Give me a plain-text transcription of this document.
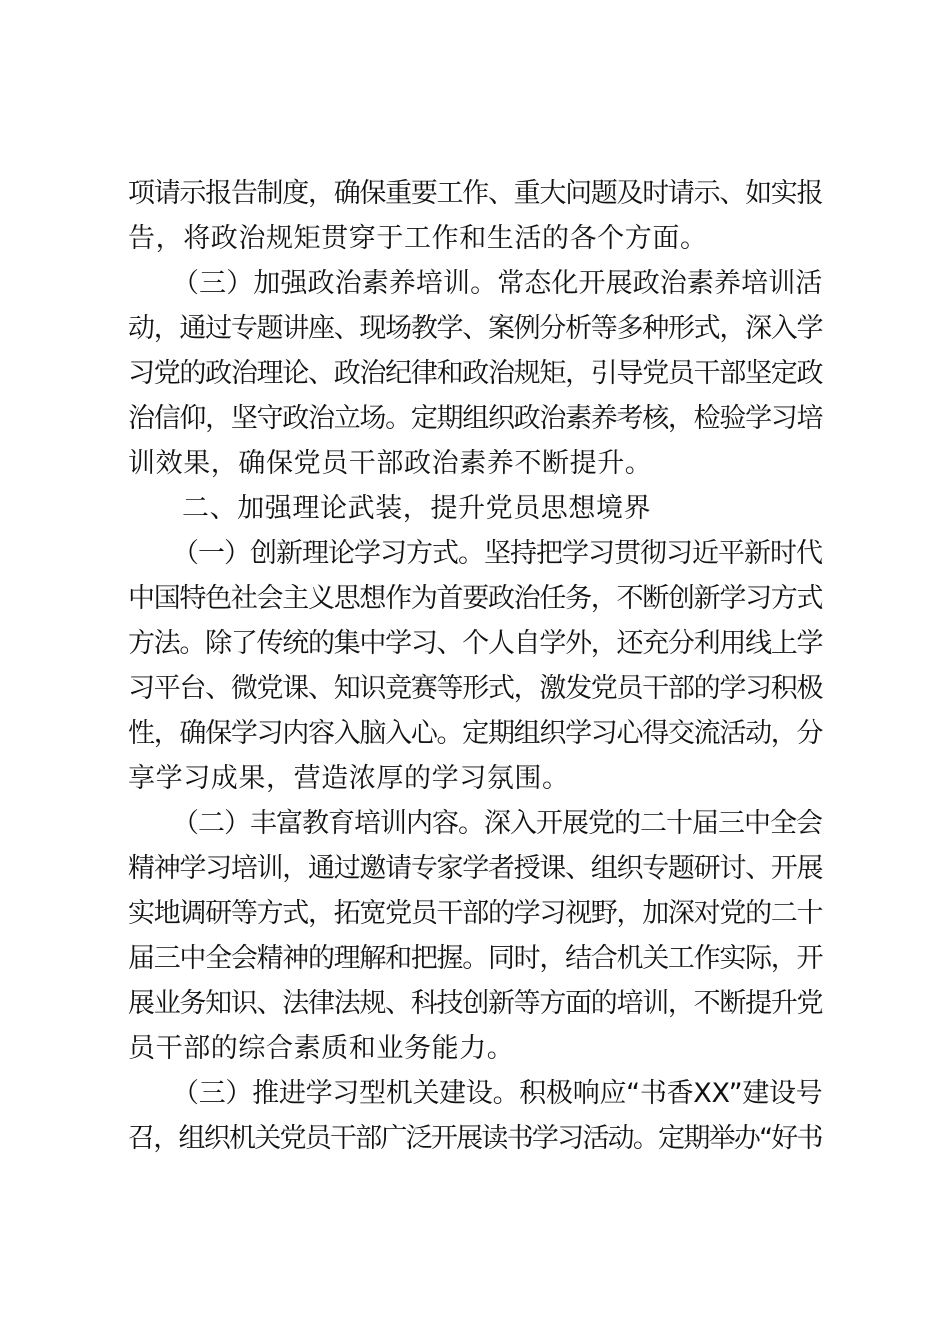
项请示报告制度，确保重要工作、重大问题及时请示、如实报
告，将政治规矩贯穿于工作和生活的各个方面。
（三）加强政治素养培训。常态化开展政治素养培训活
动，通过专题讲座、现场教学、案例分析等多种形式，深入学
习党的政治理论、政治纪律和政治规矩，引导党员干部坚定政
治信仰，坚守政治立场。定期组织政治素养考核，检验学习培
训效果，确保党员干部政治素养不断提升。
二、加强理论武装，提升党员思想境界
（一）创新理论学习方式。坚持把学习贯彻习近平新时代
中国特色社会主义思想作为首要政治任务，不断创新学习方式
方法。除了传统的集中学习、个人自学外，还充分利用线上学
习平台、微党课、知识竞赛等形式，激发党员干部的学习积极
性，确保学习内容入脑入心。定期组织学习心得交流活动，分
享学习成果，营造浓厚的学习氛围。
（二）丰富教育培训内容。深入开展党的二十届三中全会
精神学习培训，通过邀请专家学者授课、组织专题研讨、开展
实地调研等方式，拓宽党员干部的学习视野，加深对党的二十
届三中全会精神的理解和把握。同时，结合机关工作实际，开
展业务知识、法律法规、科技创新等方面的培训，不断提升党
员干部的综合素质和业务能力。
（三）推进学习型机关建设。积极响应“书香XX”建设号
召，组织机关党员干部广泛开展读书学习活动。定期举办“好书
